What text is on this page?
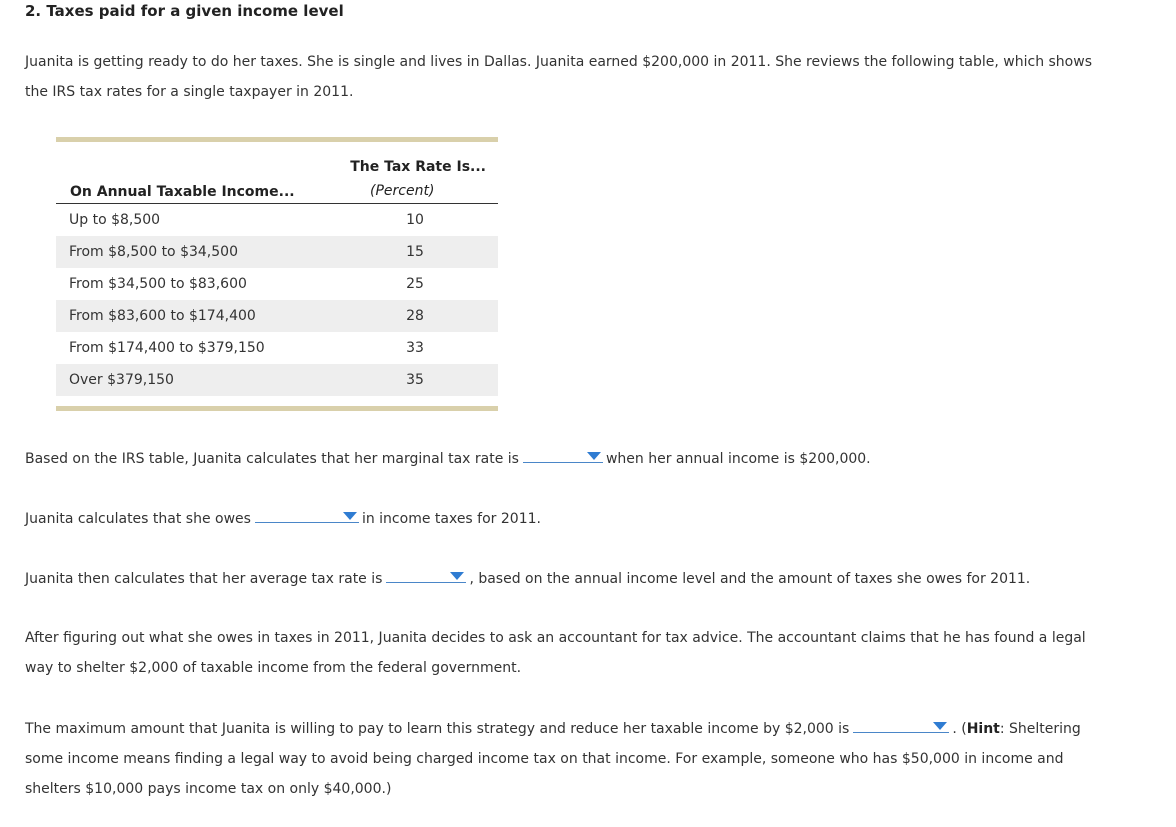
2. Taxes paid for a given income level
Juanita is getting ready to do her taxes. She is single and lives in Dallas. Juanita earned $200,000 in 2011. She reviews the following table, which shows
the IRS tax rates for a single taxpayer in 2011.
The Tax Rate Is...
On Annual Taxable Income...	(Percent)
Up to $8,500	10
From $8,500 to $34,500	15
From $34,500 to $83,600	25
From $83,600 to $174,400	28
From $174,400 to $379,150	33
Over $379,150	35
Based on the IRS table, Juanita calculates that her marginal tax rate is	when her annual income is $200,000.
Juanita calculates that she owes	in income taxes for 2011.
Juanita then calculates that her average tax rate is	, based on the annual income level and the amount of taxes she owes for 2011.
After figuring out what she owes in taxes in 2011, Juanita decides to ask an accountant for tax advice. The accountant claims that he has found a legal
way to shelter $2,000 of taxable income from the federal government.
The maximum amount that Juanita is willing to pay to learn this strategy and reduce her taxable income by $2,000 is	. (Hint: Sheltering
some income means finding a legal way to avoid being charged income tax on that income. For example, someone who has $50,000 in income and
shelters $10,000 pays income tax on only $40,000.)
